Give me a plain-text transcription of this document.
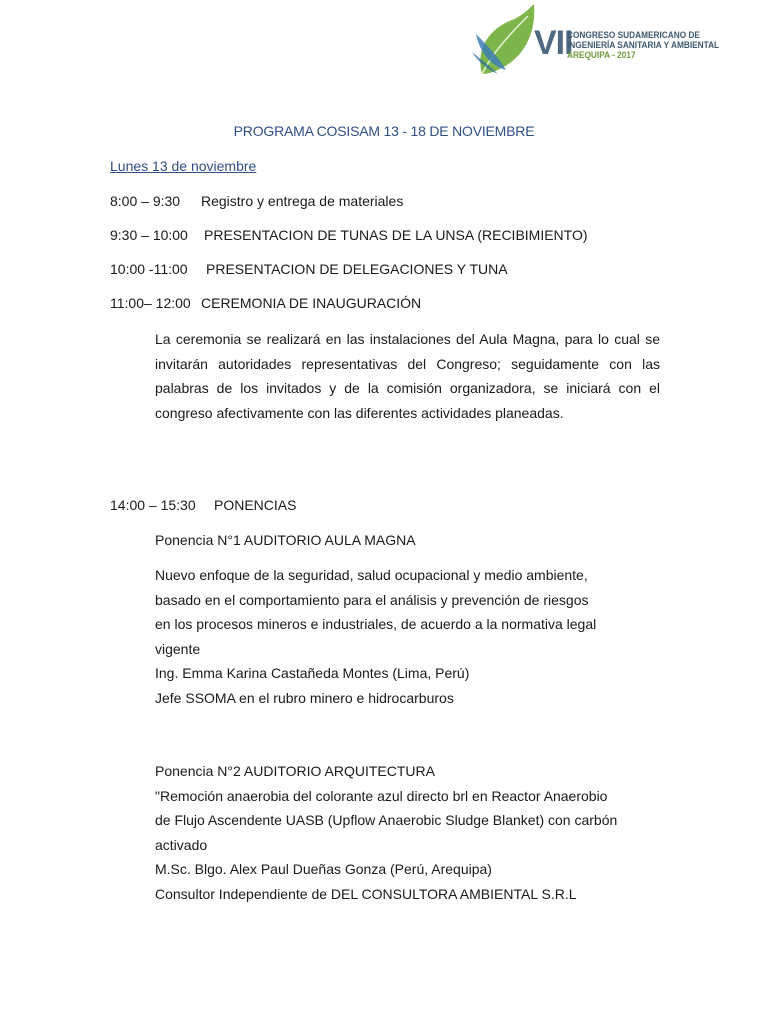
VII
CONGRESO SUDAMERICANO DE
INGENIERÍA SANITARIA Y AMBIENTAL
AREQUIPA - 2017
PROGRAMA COSISAM 13 - 18 DE NOVIEMBRE
Lunes 13 de noviembre
8:00 – 9:30 Registro y entrega de materiales
9:30 – 10:00 PRESENTACION DE TUNAS DE LA UNSA (RECIBIMIENTO)
10:00 -11:00 PRESENTACION DE DELEGACIONES Y TUNA
11:00– 12:00 CEREMONIA DE INAUGURACIÓN
La ceremonia se realizará en las instalaciones del Aula Magna, para lo cual se invitarán autoridades representativas del Congreso; seguidamente con las palabras de los invitados y de la comisión organizadora, se iniciará con el congreso afectivamente con las diferentes actividades planeadas.
14:00 – 15:30 PONENCIAS
Ponencia N°1 AUDITORIO AULA MAGNA
Nuevo enfoque de la seguridad, salud ocupacional y medio ambiente,
basado en el comportamiento para el análisis y prevención de riesgos
en los procesos mineros e industriales, de acuerdo a la normativa legal
vigente
Ing. Emma Karina Castañeda Montes (Lima, Perú)
Jefe SSOMA en el rubro minero e hidrocarburos
Ponencia N°2 AUDITORIO ARQUITECTURA
"Remoción anaerobia del colorante azul directo brl en Reactor Anaerobio
de Flujo Ascendente UASB (Upflow Anaerobic Sludge Blanket) con carbón
activado
M.Sc. Blgo. Alex Paul Dueñas Gonza (Perú, Arequipa)
Consultor Independiente de DEL CONSULTORA AMBIENTAL S.R.L
